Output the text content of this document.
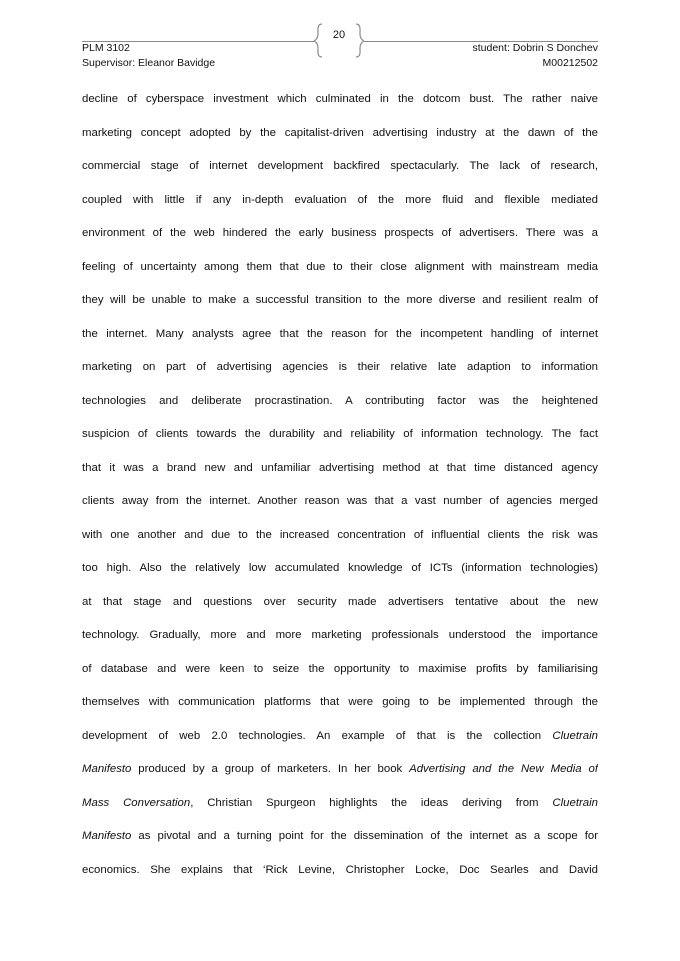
20
PLM 3102
Supervisor: Eleanor Bavidge
student: Dobrin S Donchev
M00212502
decline of cyberspace investment which culminated in the dotcom bust. The rather naive
marketing concept adopted by the capitalist-driven advertising industry at the dawn of the
commercial stage of internet development backfired spectacularly. The lack of research,
coupled with little if any in-depth evaluation of the more fluid and flexible mediated
environment of the web hindered the early business prospects of advertisers. There was a
feeling of uncertainty among them that due to their close alignment with mainstream media
they will be unable to make a successful transition to the more diverse and resilient realm of
the internet. Many analysts agree that the reason for the incompetent handling of internet
marketing on part of advertising agencies is their relative late adaption to information
technologies and deliberate procrastination. A contributing factor was the heightened
suspicion of clients towards the durability and reliability of information technology. The fact
that it was a brand new and unfamiliar advertising method at that time distanced agency
clients away from the internet. Another reason was that a vast number of agencies merged
with one another and due to the increased concentration of influential clients the risk was
too high. Also the relatively low accumulated knowledge of ICTs (information technologies)
at that stage and questions over security made advertisers tentative about the new
technology. Gradually, more and more marketing professionals understood the importance
of database and were keen to seize the opportunity to maximise profits by familiarising
themselves with communication platforms that were going to be implemented through the
development of web 2.0 technologies. An example of that is the collection Cluetrain
Manifesto produced by a group of marketers. In her book Advertising and the New Media of
Mass Conversation, Christian Spurgeon highlights the ideas deriving from Cluetrain
Manifesto as pivotal and a turning point for the dissemination of the internet as a scope for
economics. She explains that ‘Rick Levine, Christopher Locke, Doc Searles and David
